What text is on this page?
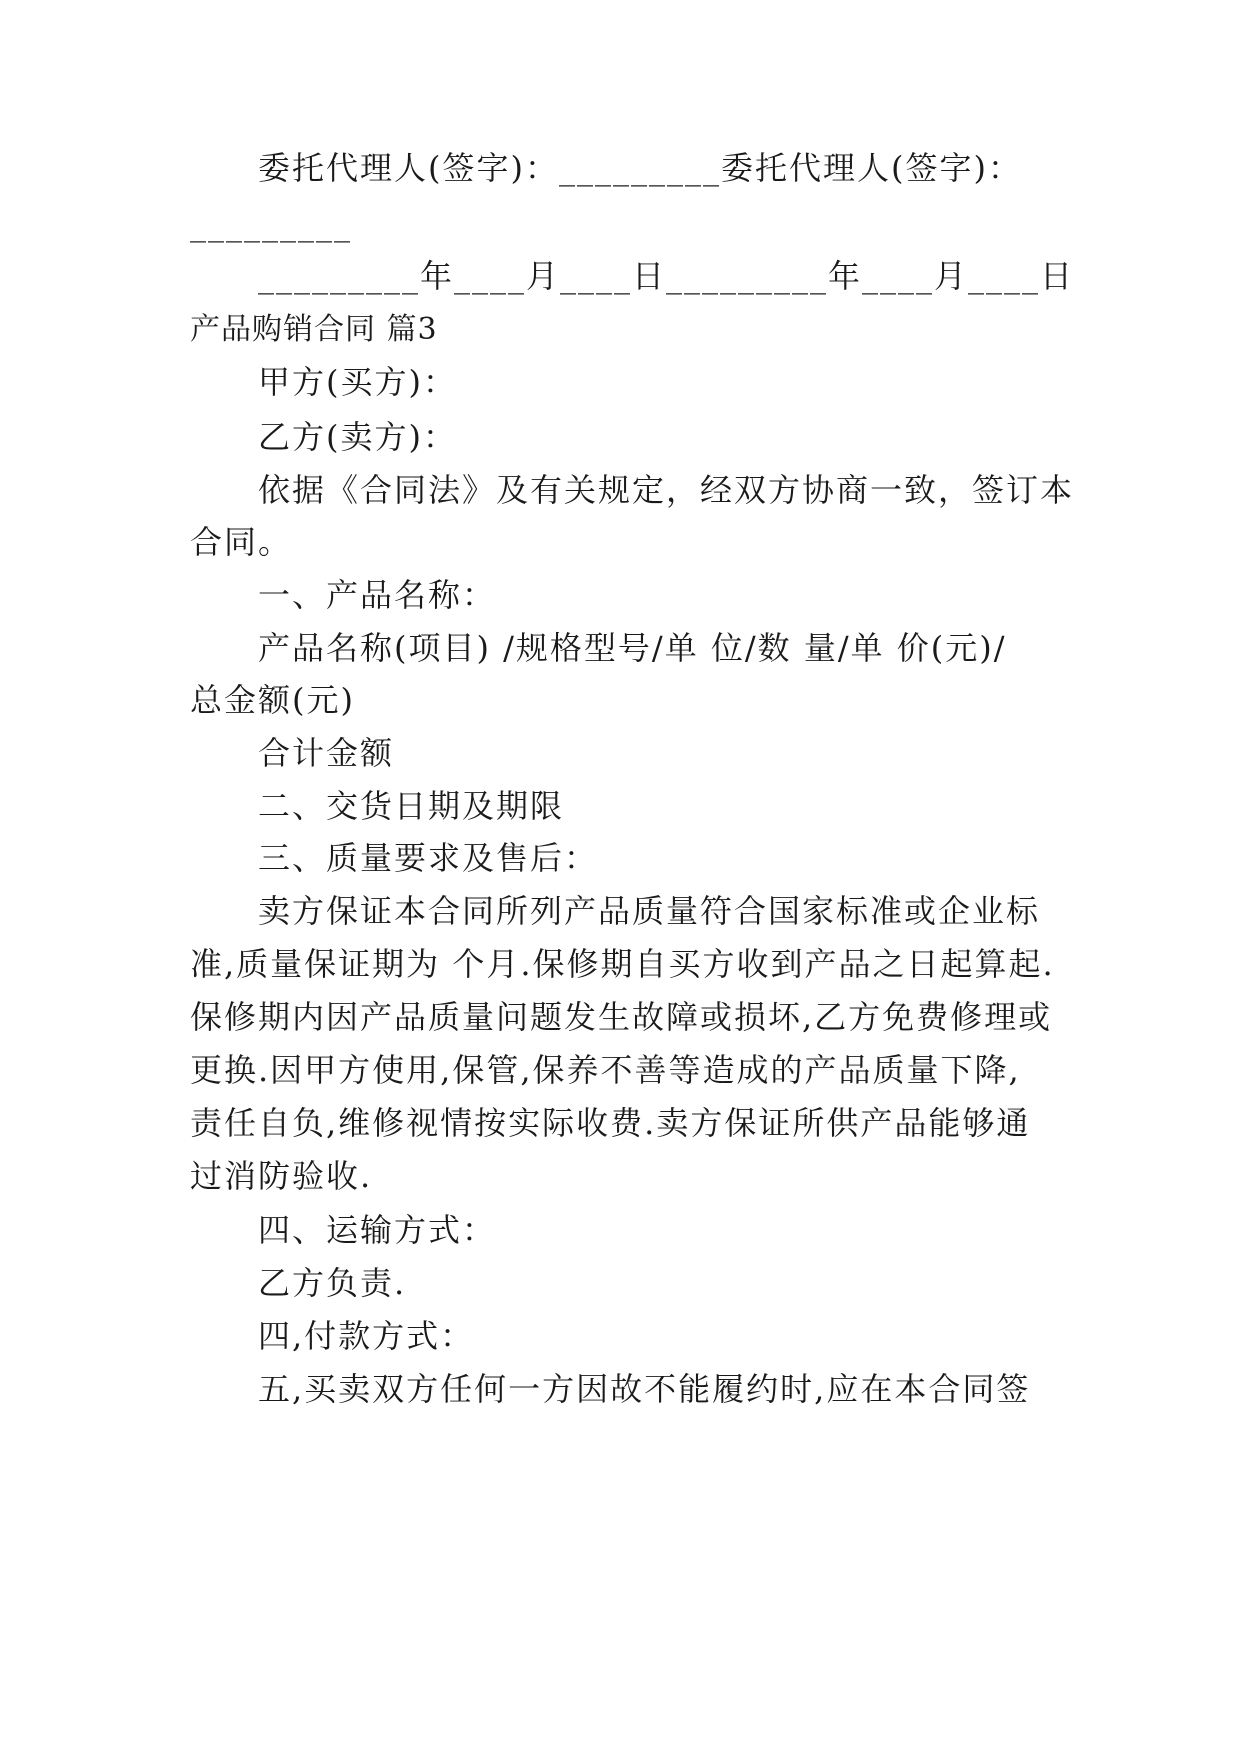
委托代理人(签字)：_________委托代理人(签字)：
_________
_________年____月____日_________年____月____日
产品购销合同 篇3
甲方(买方)：
乙方(卖方)：
依据《合同法》及有关规定，经双方协商一致，签订本
合同。
一、产品名称：
产品名称(项目) /规格型号/单 位/数 量/单 价(元)/
总金额(元)
合计金额
二、交货日期及期限
三、质量要求及售后：
卖方保证本合同所列产品质量符合国家标准或企业标
准,质量保证期为 个月.保修期自买方收到产品之日起算起.
保修期内因产品质量问题发生故障或损坏,乙方免费修理或
更换.因甲方使用,保管,保养不善等造成的产品质量下降,
责任自负,维修视情按实际收费.卖方保证所供产品能够通
过消防验收.
四、运输方式：
乙方负责.
四,付款方式：
五,买卖双方任何一方因故不能履约时,应在本合同签
